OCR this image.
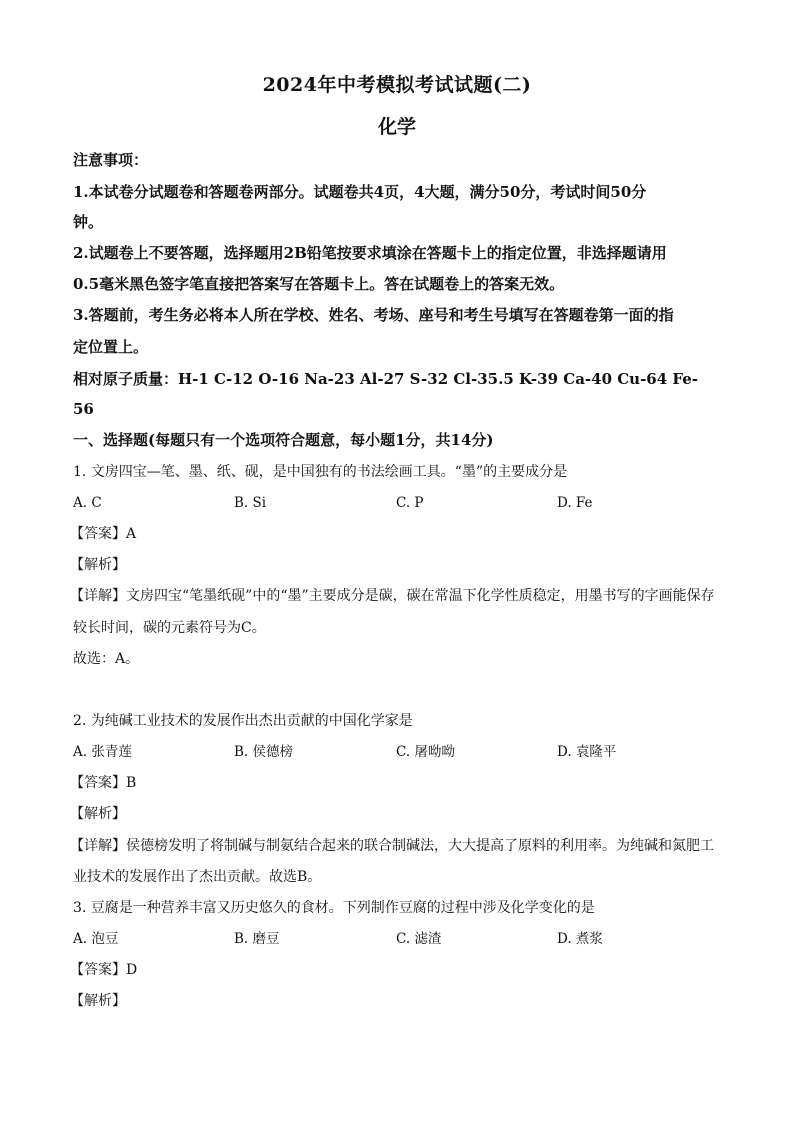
2024年中考模拟考试试题(二)
化学
注意事项：
1.本试卷分试题卷和答题卷两部分。试题卷共4页，4大题，满分50分，考试时间50分
钟。
2.试题卷上不要答题，选择题用2B铅笔按要求填涂在答题卡上的指定位置，非选择题请用
0.5毫米黑色签字笔直接把答案写在答题卡上。答在试题卷上的答案无效。
3.答题前，考生务必将本人所在学校、姓名、考场、座号和考生号填写在答题卷第一面的指
定位置上。
相对原子质量：H-1 C-12 O-16 Na-23 Al-27 S-32 Cl-35.5 K-39 Ca-40 Cu-64 Fe-
56
一、选择题(每题只有一个选项符合题意，每小题1分，共14分)
1. 文房四宝—笔、墨、纸、砚，是中国独有的书法绘画工具。“墨”的主要成分是
A. C	B. Si	C. P	D. Fe
【答案】A
【解析】
【详解】文房四宝“笔墨纸砚”中的“墨”主要成分是碳，碳在常温下化学性质稳定，用墨书写的字画能保存
较长时间，碳的元素符号为C。
故选：A。
2. 为纯碱工业技术的发展作出杰出贡献的中国化学家是
A. 张青莲	B. 侯德榜	C. 屠呦呦	D. 袁隆平
【答案】B
【解析】
【详解】侯德榜发明了将制碱与制氨结合起来的联合制碱法，大大提高了原料的利用率。为纯碱和氮肥工
业技术的发展作出了杰出贡献。故选B。
3. 豆腐是一种营养丰富又历史悠久的食材。下列制作豆腐的过程中涉及化学变化的是
A. 泡豆	B. 磨豆	C. 滤渣	D. 煮浆
【答案】D
【解析】
